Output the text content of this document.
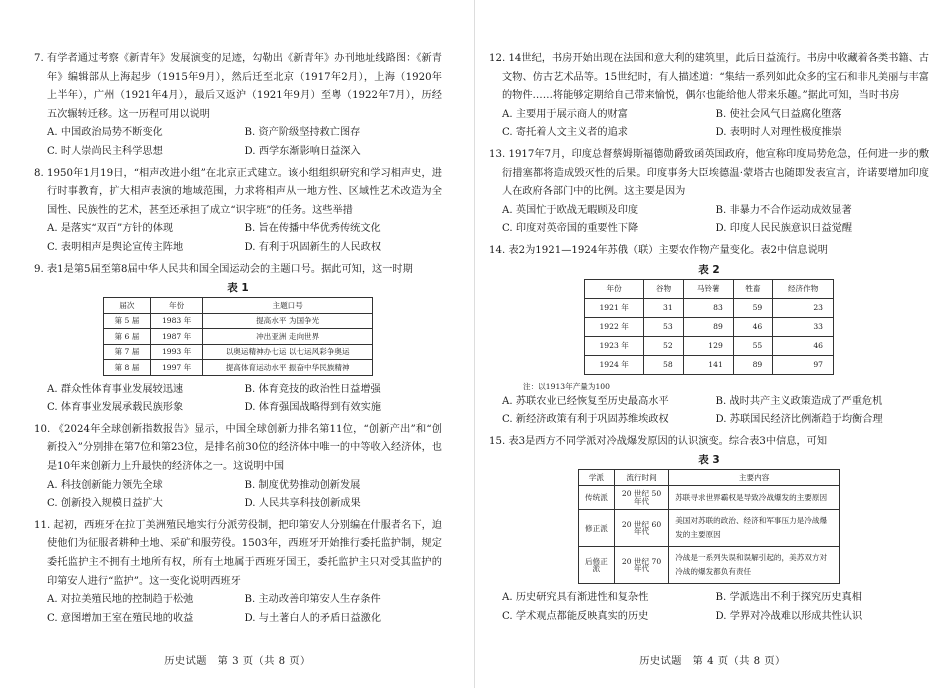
7. 有学者通过考察《新青年》发展演变的足迹，勾勒出《新青年》办刊地址线路图：《新青年》编辑部从上海起步（1915年9月），然后迁至北京（1917年2月），上海（1920年上半年），广州（1921年4月），最后又返沪（1921年9月）至粤（1922年7月），历经五次辗转迁移。这一历程可用以说明
A. 中国政治局势不断变化	B. 资产阶级坚持救亡图存
C. 时人崇尚民主科学思想	D. 西学东渐影响日益深入
8. 1950年1月19日，“相声改进小组”在北京正式建立。该小组组织研究和学习相声史，进行时事教育，扩大相声表演的地域范围，力求将相声从一地方性、区域性艺术改造为全国性、民族性的艺术，甚至还承担了成立“识字班”的任务。这些举措
A. 是落实“双百”方针的体现	B. 旨在传播中华优秀传统文化
C. 表明相声是舆论宣传主阵地	D. 有利于巩固新生的人民政权
9. 表1是第5届至第8届中华人民共和国全国运动会的主题口号。据此可知，这一时期
表 1
届次	年份	主题口号
第 5 届	1983 年	提高水平 为国争光
第 6 届	1987 年	冲出亚洲 走向世界
第 7 届	1993 年	以奥运精神办七运 以七运风彩争奥运
第 8 届	1997 年	提高体育运动水平 振奋中华民族精神
A. 群众性体育事业发展较迅速	B. 体育竞技的政治性日益增强
C. 体育事业发展承载民族形象	D. 体育强国战略得到有效实施
10. 《2024年全球创新指数报告》显示，中国全球创新力排名第11位，“创新产出”和“创新投入”分别排在第7位和第23位，是排名前30位的经济体中唯一的中等收入经济体，也是10年来创新力上升最快的经济体之一。这说明中国
A. 科技创新能力领先全球	B. 制度优势推动创新发展
C. 创新投入规模日益扩大	D. 人民共享科技创新成果
11. 起初，西班牙在拉丁美洲殖民地实行分派劳役制，把印第安人分别编在什服者名下，迫使他们为征服者耕种土地、采矿和服劳役。1503年，西班牙开始推行委托监护制，规定委托监护主不拥有土地所有权，所有土地属于西班牙国王，委托监护主只对受其监护的印第安人进行“监护”。这一变化说明西班牙
A. 对拉美殖民地的控制趋于松弛	B. 主动改善印第安人生存条件
C. 意图增加王室在殖民地的收益	D. 与土著白人的矛盾日益激化
历史试题　第 3 页（共 8 页）
12. 14世纪，书房开始出现在法国和意大利的建筑里，此后日益流行。书房中收藏着各类书籍、古文物、仿古艺术品等。15世纪时，有人描述道：“集结一系列如此众多的宝石和非凡美丽与丰富的物件……将能够定期给自己带来愉悦，偶尔也能给他人带来乐趣。”据此可知，当时书房
A. 主要用于展示商人的财富	B. 使社会风气日益腐化堕落
C. 寄托着人文主义者的追求	D. 表明时人对理性极度推崇
13. 1917年7月，印度总督蔡姆斯福德勋爵致函英国政府，他宣称印度局势危急，任何进一步的敷衍措塞都将造成毁灭性的后果。印度事务大臣埃德温·蒙塔古也随即发表宣言，许诺要增加印度人在政府各部门中的比例。这主要是因为
A. 英国忙于欧战无暇顾及印度	B. 非暴力不合作运动成效显著
C. 印度对英帝国的重要性下降	D. 印度人民民族意识日益觉醒
14. 表2为1921—1924年苏俄（联）主要农作物产量变化。表2中信息说明
表 2
年份	谷物	马铃薯	牲畜	经济作物
1921 年	31	83	59	23
1922 年	53	89	46	33
1923 年	52	129	55	46
1924 年	58	141	89	97
注：以1913年产量为100
A. 苏联农业已经恢复至历史最高水平	B. 战时共产主义政策造成了严重危机
C. 新经济政策有利于巩固苏维埃政权	D. 苏联国民经济比例渐趋于均衡合理
15. 表3是西方不同学派对冷战爆发原因的认识演变。综合表3中信息，可知
表 3
学派	流行时间	主要内容
传统派	20 世纪 50 年代	苏联寻求世界霸权是导致冷战爆发的主要原因
修正派	20 世纪 60 年代	美国对苏联的政治、经济和军事压力是冷战爆发的主要原因
后修正派	20 世纪 70 年代	冷战是一系列失误和误解引起的，美苏双方对冷战的爆发都负有责任
A. 历史研究具有渐进性和复杂性	B. 学派选出不利于探究历史真相
C. 学术观点都能反映真实的历史	D. 学界对冷战难以形成共性认识
历史试题　第 4 页（共 8 页）
